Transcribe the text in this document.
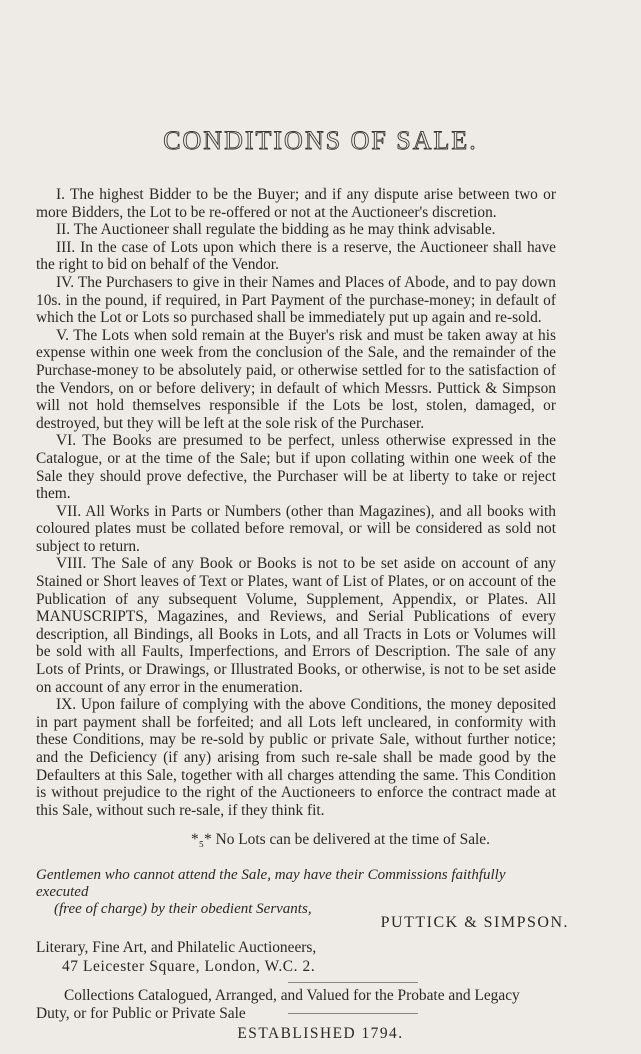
CONDITIONS OF SALE.

I. The highest Bidder to be the Buyer; and if any dispute arise between two or more Bidders, the Lot to be re-offered or not at the Auctioneer's discretion.

II. The Auctioneer shall regulate the bidding as he may think advisable.

III. In the case of Lots upon which there is a reserve, the Auctioneer shall have the right to bid on behalf of the Vendor.

IV. The Purchasers to give in their Names and Places of Abode, and to pay down 10s. in the pound, if required, in Part Payment of the purchase-money; in default of which the Lot or Lots so purchased shall be immediately put up again and re-sold.

V. The Lots when sold remain at the Buyer's risk and must be taken away at his expense within one week from the conclusion of the Sale, and the remainder of the Purchase-money to be absolutely paid, or otherwise settled for to the satisfaction of the Vendors, on or before delivery; in default of which Messrs. Puttick & Simpson will not hold themselves responsible if the Lots be lost, stolen, damaged, or destroyed, but they will be left at the sole risk of the Purchaser.

VI. The Books are presumed to be perfect, unless otherwise expressed in the Catalogue, or at the time of the Sale; but if upon collating within one week of the Sale they should prove defective, the Purchaser will be at liberty to take or reject them.

VII. All Works in Parts or Numbers (other than Magazines), and all books with coloured plates must be collated before removal, or will be considered as sold not subject to return.

VIII. The Sale of any Book or Books is not to be set aside on account of any Stained or Short leaves of Text or Plates, want of List of Plates, or on account of the Publication of any subsequent Volume, Supplement, Appendix, or Plates. All MANUSCRIPTS, Magazines, and Reviews, and Serial Publications of every description, all Bindings, all Books in Lots, and all Tracts in Lots or Volumes will be sold with all Faults, Imperfections, and Errors of Description. The sale of any Lots of Prints, or Drawings, or Illustrated Books, or otherwise, is not to be set aside on account of any error in the enumeration.

IX. Upon failure of complying with the above Conditions, the money deposited in part payment shall be forfeited; and all Lots left uncleared, in conformity with these Conditions, may be re-sold by public or private Sale, without further notice; and the Deficiency (if any) arising from such re-sale shall be made good by the Defaulters at this Sale, together with all charges attending the same. This Condition is without prejudice to the right of the Auctioneers to enforce the contract made at this Sale, without such re-sale, if they think fit.

*₅* No Lots can be delivered at the time of Sale.
Gentlemen who cannot attend the Sale, may have their Commissions faithfully executed
(free of charge) by their obedient Servants,
PUTTICK & SIMPSON.
Literary, Fine Art, and Philatelic Auctioneers,
47 Leicester Square, London, W.C. 2.
Collections Catalogued, Arranged, and Valued for the Probate and Legacy
Duty, or for Public or Private Sale
ESTABLISHED 1794.
